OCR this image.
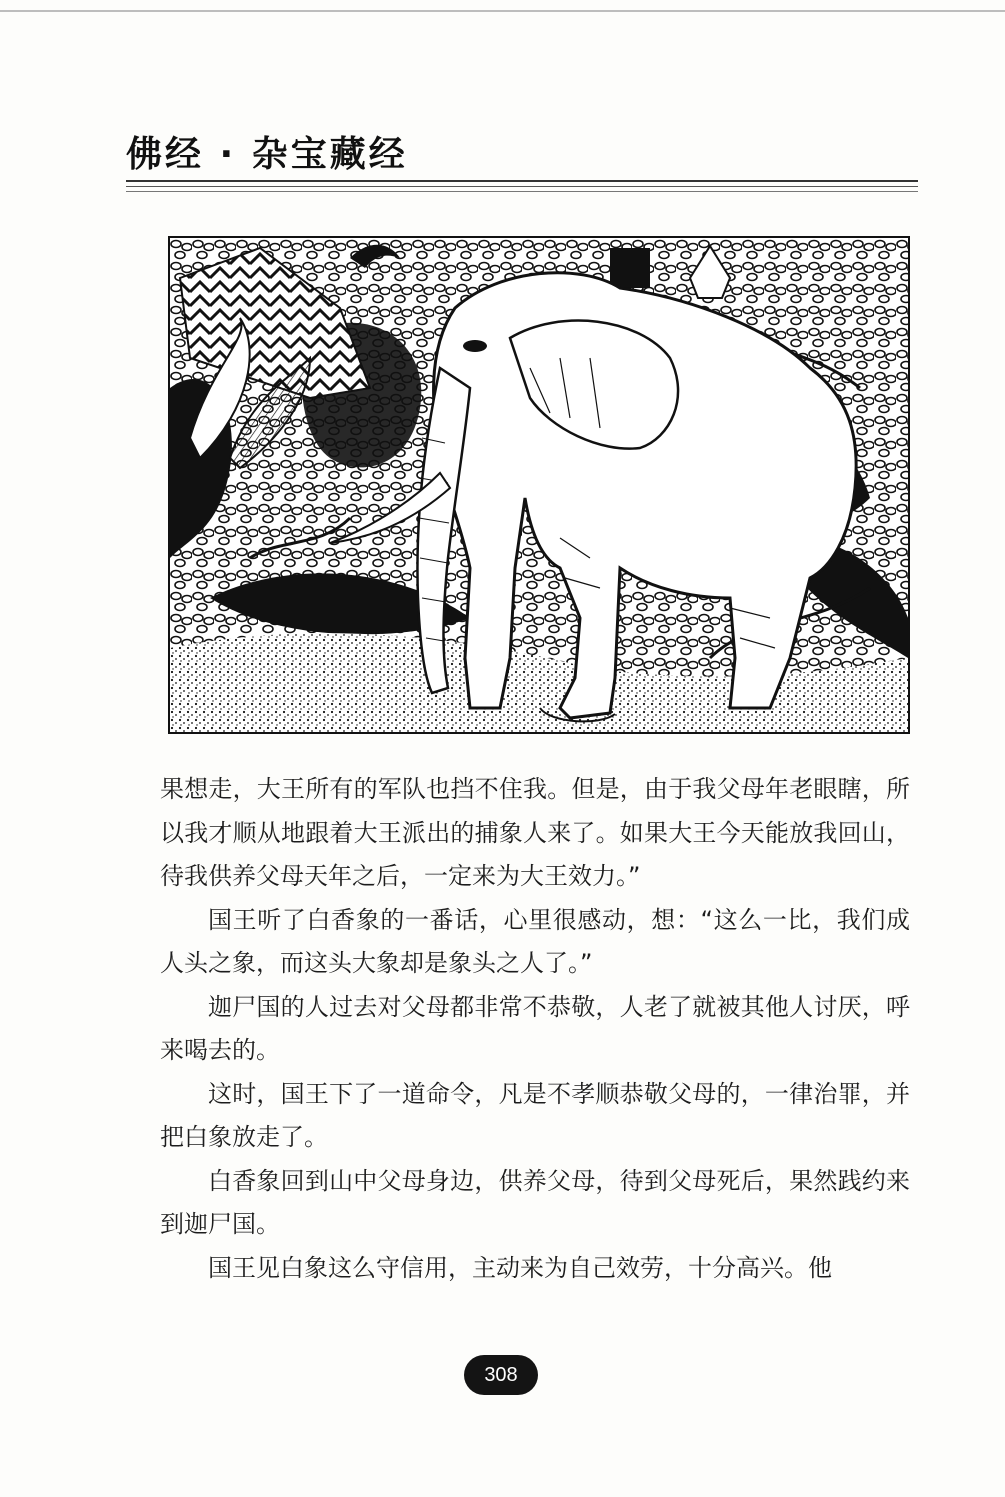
佛经 · 杂宝藏经

果想走，大王所有的军队也挡不住我。但是，由于我父母年老眼瞎，所以我才顺从地跟着大王派出的捕象人来了。如果大王今天能放我回山，待我供养父母天年之后，一定来为大王效力。”

国王听了白香象的一番话，心里很感动，想：“这么一比，我们成人头之象，而这头大象却是象头之人了。”

迦尸国的人过去对父母都非常不恭敬，人老了就被其他人讨厌，呼来喝去的。

这时，国王下了一道命令，凡是不孝顺恭敬父母的，一律治罪，并把白象放走了。

白香象回到山中父母身边，供养父母，待到父母死后，果然践约来到迦尸国。

国王见白象这么守信用，主动来为自己效劳，十分高兴。他

308
